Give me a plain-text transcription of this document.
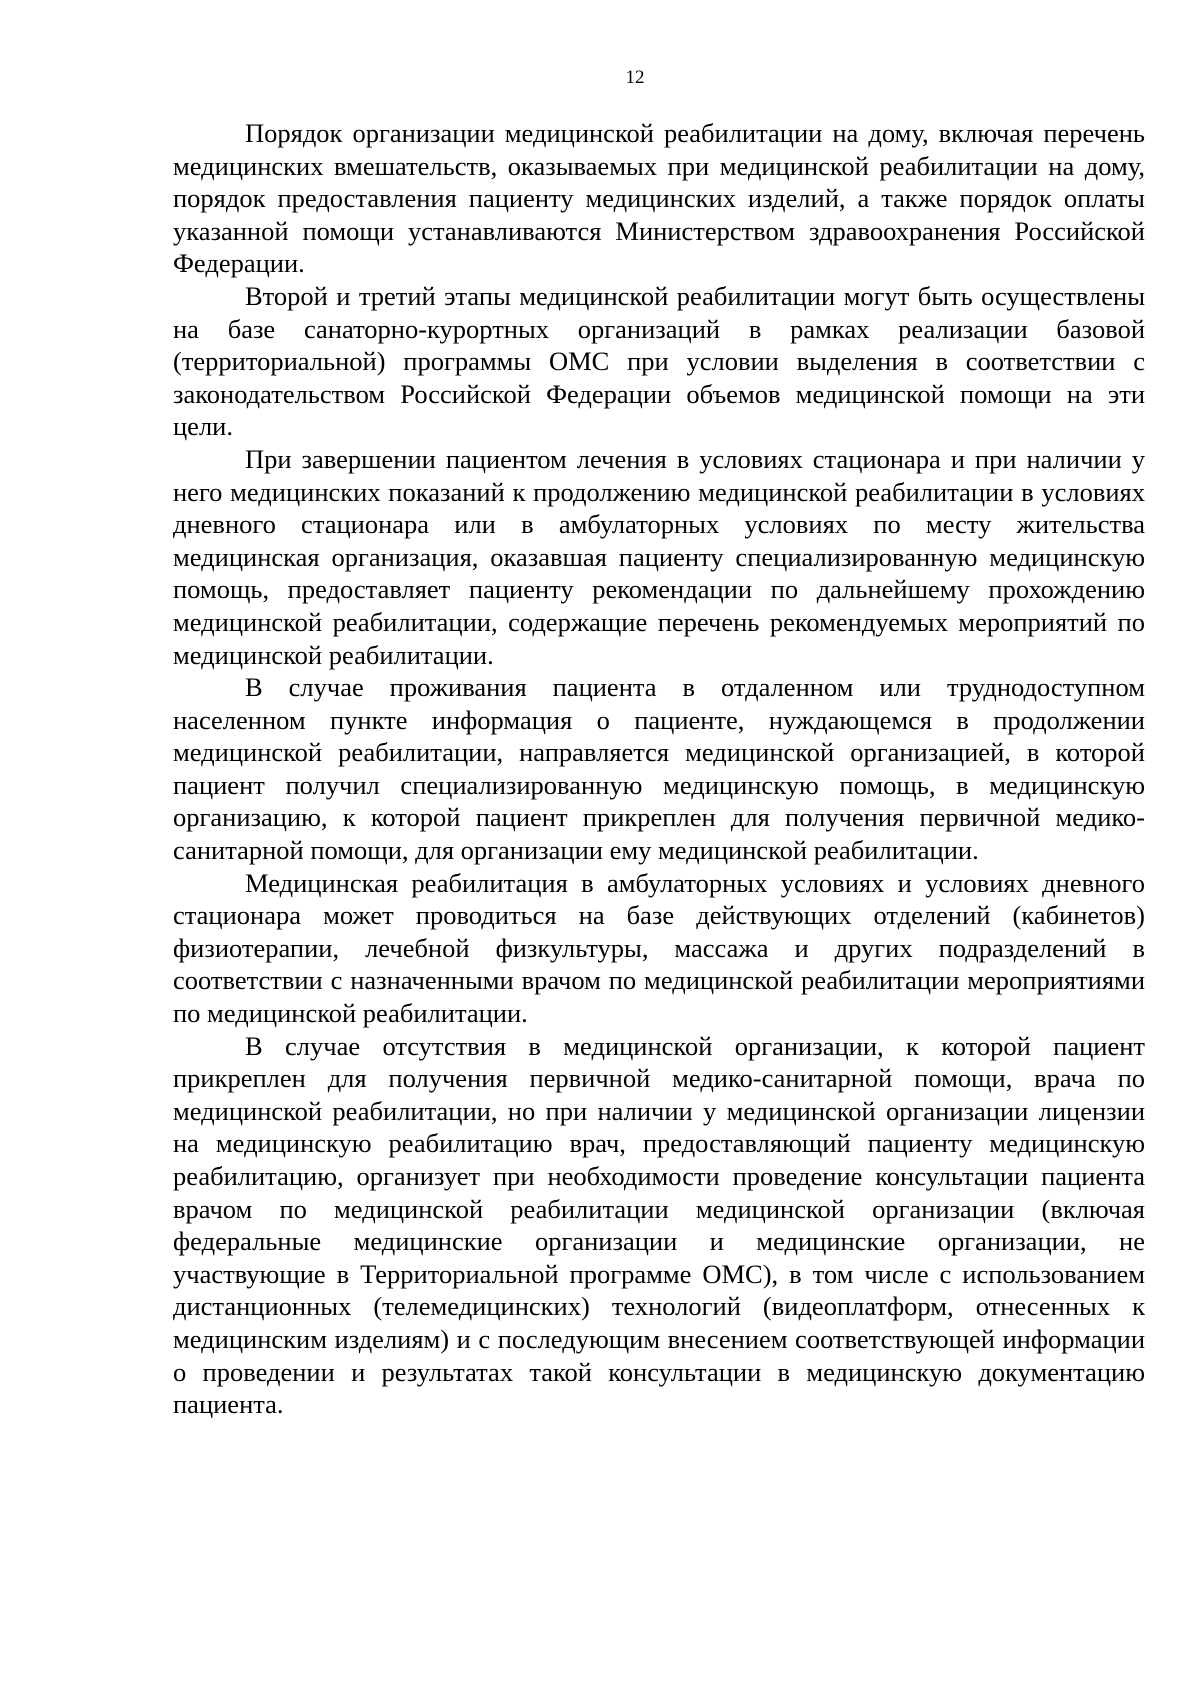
12

Порядок организации медицинской реабилитации на дому, включая перечень медицинских вмешательств, оказываемых при медицинской реабилитации на дому, порядок предоставления пациенту медицинских изделий, а также порядок оплаты указанной помощи устанавливаются Министерством здравоохранения Российской Федерации.

Второй и третий этапы медицинской реабилитации могут быть осуществлены на базе санаторно-курортных организаций в рамках реализации базовой (территориальной) программы ОМС при условии выделения в соответствии с законодательством Российской Федерации объемов медицинской помощи на эти цели.

При завершении пациентом лечения в условиях стационара и при наличии у него медицинских показаний к продолжению медицинской реабилитации в условиях дневного стационара или в амбулаторных условиях по месту жительства медицинская организация, оказавшая пациенту специализированную медицинскую помощь, предоставляет пациенту рекомендации по дальнейшему прохождению медицинской реабилитации, содержащие перечень рекомендуемых мероприятий по медицинской реабилитации.

В случае проживания пациента в отдаленном или труднодоступном населенном пункте информация о пациенте, нуждающемся в продолжении медицинской реабилитации, направляется медицинской организацией, в которой пациент получил специализированную медицинскую помощь, в медицинскую организацию, к которой пациент прикреплен для получения первичной медико-санитарной помощи, для организации ему медицинской реабилитации.

Медицинская реабилитация в амбулаторных условиях и условиях дневного стационара может проводиться на базе действующих отделений (кабинетов) физиотерапии, лечебной физкультуры, массажа и других подразделений в соответствии с назначенными врачом по медицинской реабилитации мероприятиями по медицинской реабилитации.

В случае отсутствия в медицинской организации, к которой пациент прикреплен для получения первичной медико-санитарной помощи, врача по медицинской реабилитации, но при наличии у медицинской организации лицензии на медицинскую реабилитацию врач, предоставляющий пациенту медицинскую реабилитацию, организует при необходимости проведение консультации пациента врачом по медицинской реабилитации медицинской организации (включая федеральные медицинские организации и медицинские организации, не участвующие в Территориальной программе ОМС), в том числе с использованием дистанционных (телемедицинских) технологий (видеоплатформ, отнесенных к медицинским изделиям) и с последующим внесением соответствующей информации о проведении и результатах такой консультации в медицинскую документацию пациента.
